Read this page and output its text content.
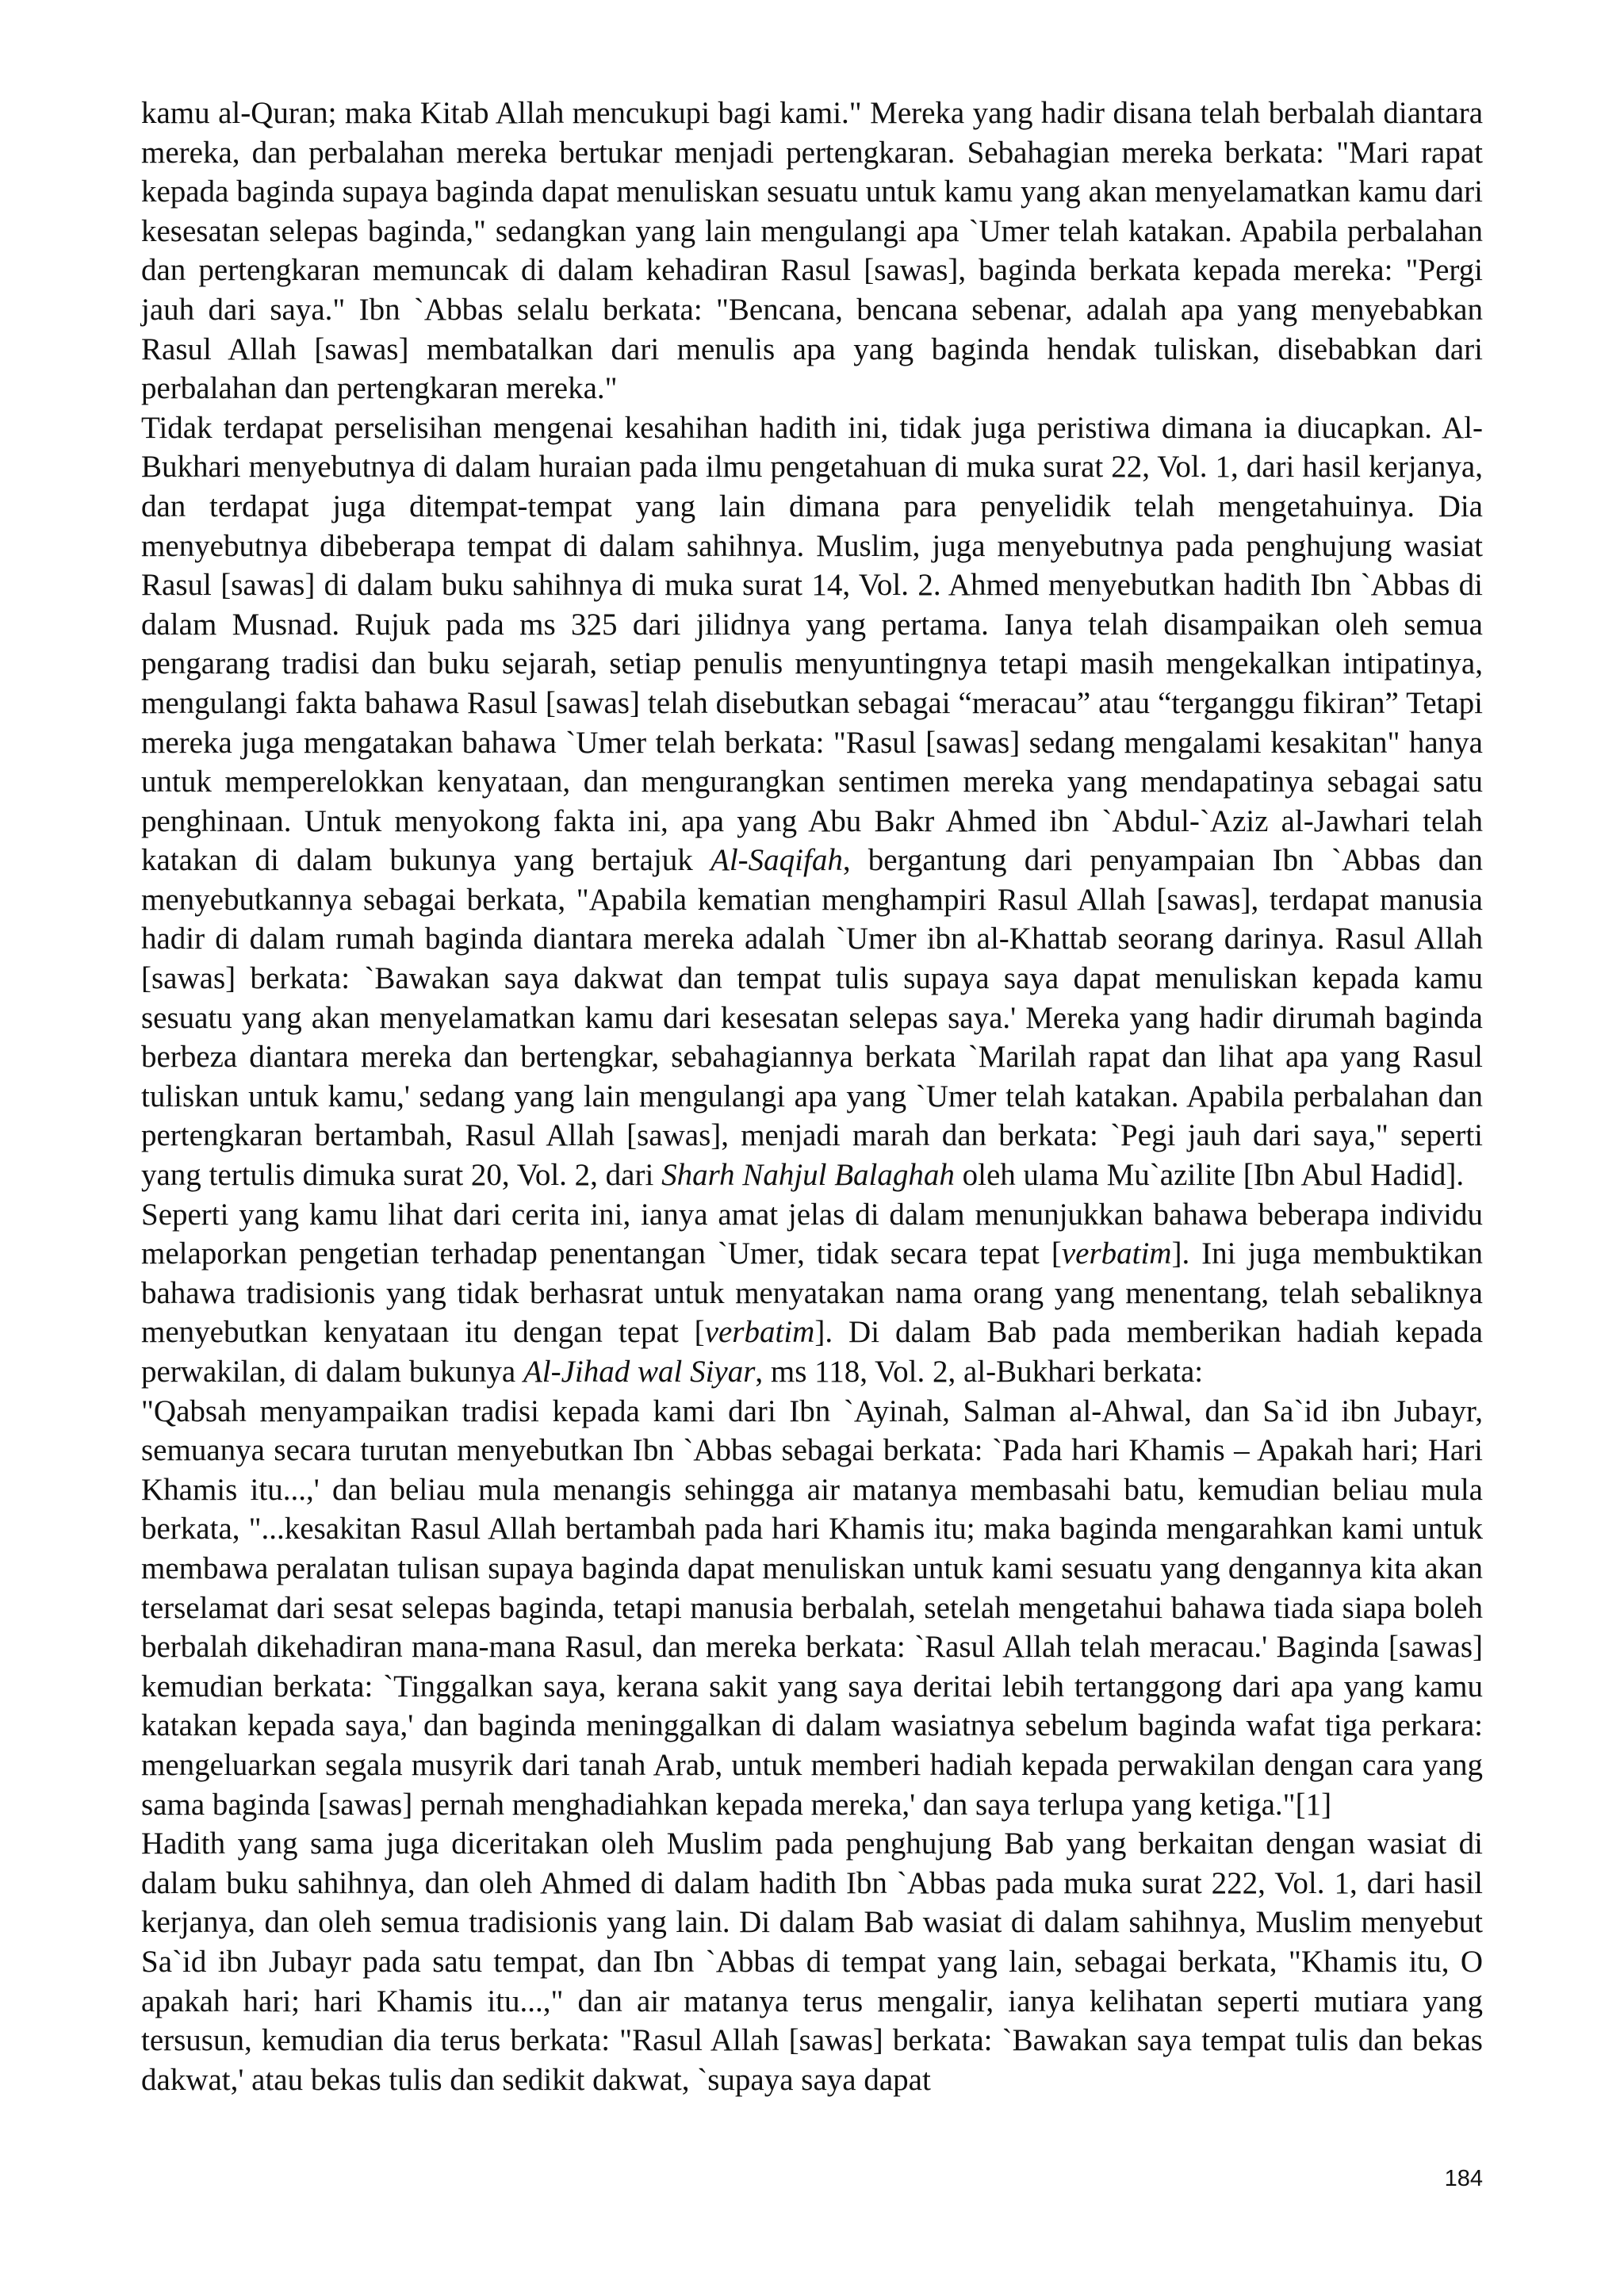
kamu al-Quran; maka Kitab Allah mencukupi bagi kami." Mereka yang hadir disana telah berbalah diantara mereka, dan perbalahan mereka bertukar menjadi pertengkaran. Sebahagian mereka berkata: "Mari rapat kepada baginda supaya baginda dapat menuliskan sesuatu untuk kamu yang akan menyelamatkan kamu dari kesesatan selepas baginda," sedangkan yang lain mengulangi apa `Umer telah katakan. Apabila perbalahan dan pertengkaran memuncak di dalam kehadiran Rasul [sawas], baginda berkata kepada mereka: "Pergi jauh dari saya." Ibn `Abbas selalu berkata: "Bencana, bencana sebenar, adalah apa yang menyebabkan Rasul Allah [sawas] membatalkan dari menulis apa yang baginda hendak tuliskan, disebabkan dari perbalahan dan pertengkaran mereka."

Tidak terdapat perselisihan mengenai kesahihan hadith ini, tidak juga peristiwa dimana ia diucapkan. Al-Bukhari menyebutnya di dalam huraian pada ilmu pengetahuan di muka surat 22, Vol. 1, dari hasil kerjanya, dan terdapat juga ditempat-tempat yang lain dimana para penyelidik telah mengetahuinya. Dia menyebutnya dibeberapa tempat di dalam sahihnya. Muslim, juga menyebutnya pada penghujung wasiat Rasul [sawas] di dalam buku sahihnya di muka surat 14, Vol. 2. Ahmed menyebutkan hadith Ibn `Abbas di dalam Musnad. Rujuk pada ms 325 dari jilidnya yang pertama. Ianya telah disampaikan oleh semua pengarang tradisi dan buku sejarah, setiap penulis menyuntingnya tetapi masih mengekalkan intipatinya, mengulangi fakta bahawa Rasul [sawas] telah disebutkan sebagai “meracau” atau “terganggu fikiran” Tetapi mereka juga mengatakan bahawa `Umer telah berkata: "Rasul [sawas] sedang mengalami kesakitan" hanya untuk memperelokkan kenyataan, dan mengurangkan sentimen mereka yang mendapatinya sebagai satu penghinaan. Untuk menyokong fakta ini, apa yang Abu Bakr Ahmed ibn `Abdul-`Aziz al-Jawhari telah katakan di dalam bukunya yang bertajuk Al-Saqifah, bergantung dari penyampaian Ibn `Abbas dan menyebutkannya sebagai berkata, "Apabila kematian menghampiri Rasul Allah [sawas], terdapat manusia hadir di dalam rumah baginda diantara mereka adalah `Umer ibn al-Khattab seorang darinya. Rasul Allah [sawas] berkata: `Bawakan saya dakwat dan tempat tulis supaya saya dapat menuliskan kepada kamu sesuatu yang akan menyelamatkan kamu dari kesesatan selepas saya.' Mereka yang hadir dirumah baginda berbeza diantara mereka dan bertengkar, sebahagiannya berkata `Marilah rapat dan lihat apa yang Rasul tuliskan untuk kamu,' sedang yang lain mengulangi apa yang `Umer telah katakan. Apabila perbalahan dan pertengkaran bertambah, Rasul Allah [sawas], menjadi marah dan berkata: `Pegi jauh dari saya," seperti yang tertulis dimuka surat 20, Vol. 2, dari Sharh Nahjul Balaghah oleh ulama Mu`azilite [Ibn Abul Hadid].

Seperti yang kamu lihat dari cerita ini, ianya amat jelas di dalam menunjukkan bahawa beberapa individu melaporkan pengetian terhadap penentangan `Umer, tidak secara tepat [verbatim]. Ini juga membuktikan bahawa tradisionis yang tidak berhasrat untuk menyatakan nama orang yang menentang, telah sebaliknya menyebutkan kenyataan itu dengan tepat [verbatim]. Di dalam Bab pada memberikan hadiah kepada perwakilan, di dalam bukunya Al-Jihad wal Siyar, ms 118, Vol. 2, al-Bukhari berkata:

"Qabsah menyampaikan tradisi kepada kami dari Ibn `Ayinah, Salman al-Ahwal, dan Sa`id ibn Jubayr, semuanya secara turutan menyebutkan Ibn `Abbas sebagai berkata: `Pada hari Khamis – Apakah hari; Hari Khamis itu...,' dan beliau mula menangis sehingga air matanya membasahi batu, kemudian beliau mula berkata, "...kesakitan Rasul Allah bertambah pada hari Khamis itu; maka baginda mengarahkan kami untuk membawa peralatan tulisan supaya baginda dapat menuliskan untuk kami sesuatu yang dengannya kita akan terselamat dari sesat selepas baginda, tetapi manusia berbalah, setelah mengetahui bahawa tiada siapa boleh berbalah dikehadiran mana-mana Rasul, dan mereka berkata: `Rasul Allah telah meracau.' Baginda [sawas] kemudian berkata: `Tinggalkan saya, kerana sakit yang saya deritai lebih tertanggong dari apa yang kamu katakan kepada saya,' dan baginda meninggalkan di dalam wasiatnya sebelum baginda wafat tiga perkara: mengeluarkan segala musyrik dari tanah Arab, untuk memberi hadiah kepada perwakilan dengan cara yang sama baginda [sawas] pernah menghadiahkan kepada mereka,' dan saya terlupa yang ketiga."[1]

Hadith yang sama juga diceritakan oleh Muslim pada penghujung Bab yang berkaitan dengan wasiat di dalam buku sahihnya, dan oleh Ahmed di dalam hadith Ibn `Abbas pada muka surat 222, Vol. 1, dari hasil kerjanya, dan oleh semua tradisionis yang lain. Di dalam Bab wasiat di dalam sahihnya, Muslim menyebut Sa`id ibn Jubayr pada satu tempat, dan Ibn `Abbas di tempat yang lain, sebagai berkata, "Khamis itu, O apakah hari; hari Khamis itu...," dan air matanya terus mengalir, ianya kelihatan seperti mutiara yang tersusun, kemudian dia terus berkata: "Rasul Allah [sawas] berkata: `Bawakan saya tempat tulis dan bekas dakwat,' atau bekas tulis dan sedikit dakwat, `supaya saya dapat

184
